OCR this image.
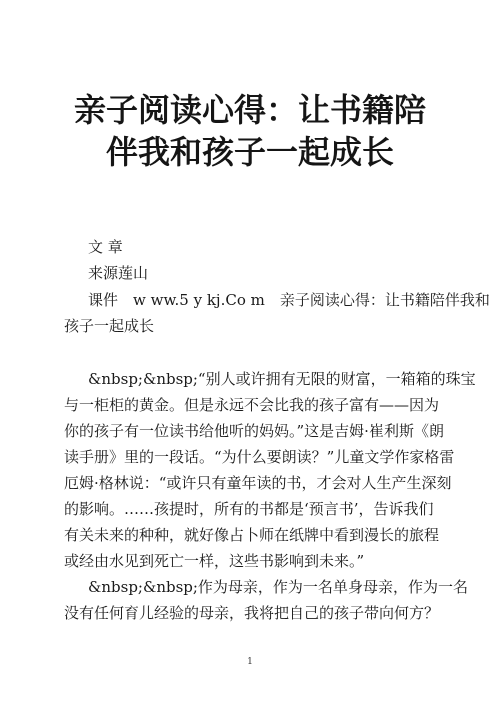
亲子阅读心得：让书籍陪
伴我和孩子一起成长
文 章
来源莲山
课件　w ww.5 y kj.Co m　亲子阅读心得：让书籍陪伴我和
孩子一起成长
&nbsp;&nbsp;“别人或许拥有无限的财富，一箱箱的珠宝
与一柜柜的黄金。但是永远不会比我的孩子富有——因为
你的孩子有一位读书给他听的妈妈。”这是吉姆·崔利斯《朗
读手册》里的一段话。“为什么要朗读？”儿童文学作家格雷
厄姆·格林说：“或许只有童年读的书，才会对人生产生深刻
的影响。……孩提时，所有的书都是‘预言书’，告诉我们
有关未来的种种，就好像占卜师在纸牌中看到漫长的旅程
或经由水见到死亡一样，这些书影响到未来。”
&nbsp;&nbsp;作为母亲，作为一名单身母亲，作为一名
没有任何育儿经验的母亲，我将把自己的孩子带向何方？
1
